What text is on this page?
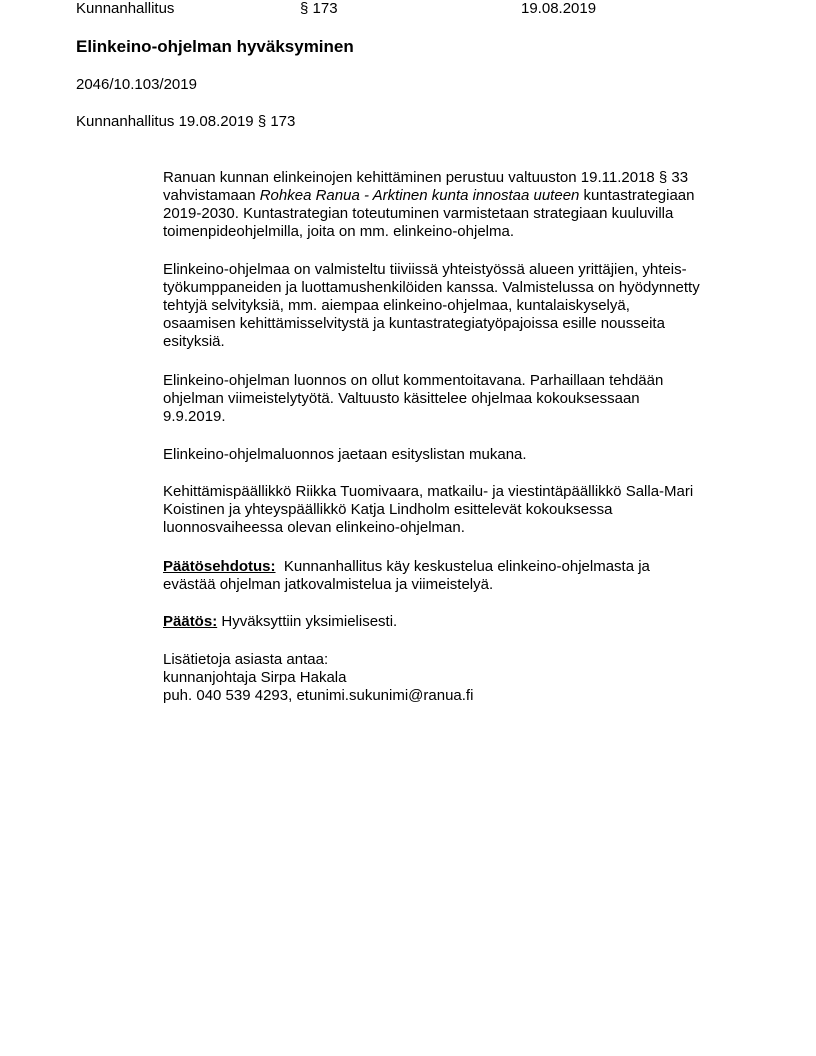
Kunnanhallitus	§ 173	19.08.2019
Elinkeino-ohjelman hyväksyminen
2046/10.103/2019
Kunnanhallitus 19.08.2019 § 173
Ranuan kunnan elinkeinojen kehittäminen perustuu valtuuston 19.11.2018 § 33
vahvistamaan Rohkea Ranua - Arktinen kunta innostaa uuteen kuntastrategiaan
2019-2030. Kuntastrategian toteutuminen varmistetaan strategiaan kuuluvilla
toimenpideohjelmilla, joita on mm. elinkeino-ohjelma.
Elinkeino-ohjelmaa on valmisteltu tiiviissä yhteistyössä alueen yrittäjien, yhteis-
työkumppaneiden ja luottamushenkilöiden kanssa. Valmistelussa on hyödynnetty
tehtyjä selvityksiä, mm. aiempaa elinkeino-ohjelmaa, kuntalaiskyselyä,
osaamisen kehittämisselvitystä ja kuntastrategiatyöpajoissa esille nousseita
esityksiä.
Elinkeino-ohjelman luonnos on ollut kommentoitavana. Parhaillaan tehdään
ohjelman viimeistelytyötä. Valtuusto käsittelee ohjelmaa kokouksessaan
9.9.2019.
Elinkeino-ohjelmaluonnos jaetaan esityslistan mukana.
Kehittämispäällikkö Riikka Tuomivaara, matkailu- ja viestintäpäällikkö Salla-Mari
Koistinen ja yhteyspäällikkö Katja Lindholm esittelevät kokouksessa
luonnosvaiheessa olevan elinkeino-ohjelman.
Päätösehdotus:  Kunnanhallitus käy keskustelua elinkeino-ohjelmasta ja
evästää ohjelman jatkovalmistelua ja viimeistelyä.
Päätös: Hyväksyttiin yksimielisesti.
Lisätietoja asiasta antaa:
kunnanjohtaja Sirpa Hakala
puh. 040 539 4293, etunimi.sukunimi@ranua.fi
